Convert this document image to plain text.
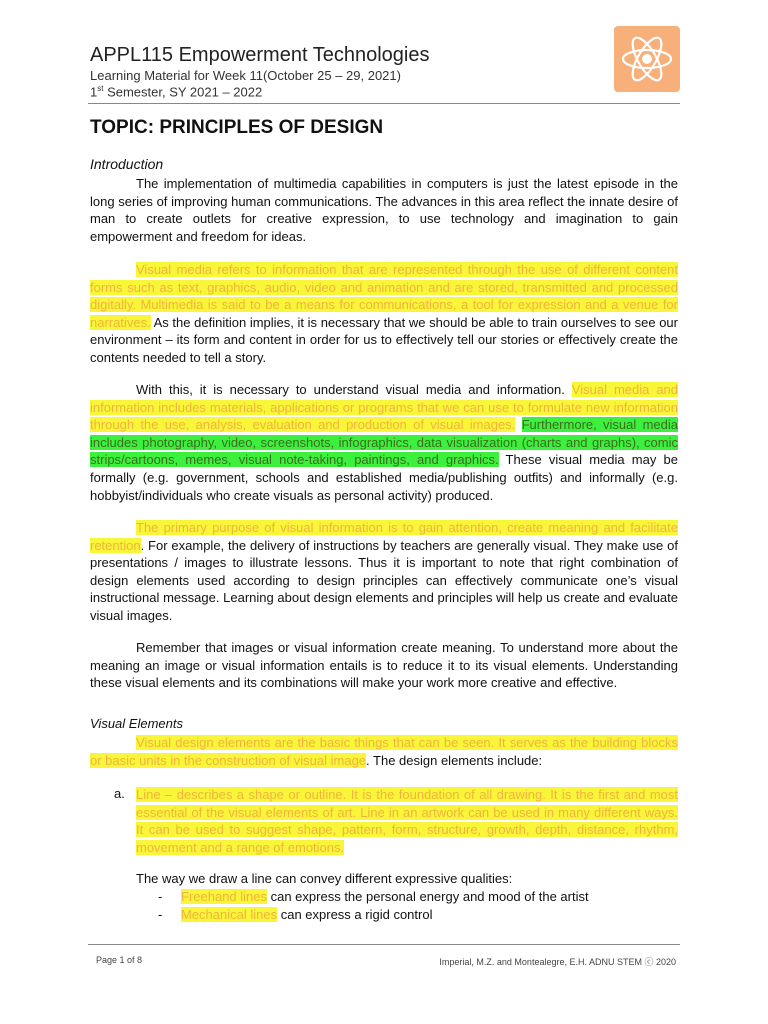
APPL115 Empowerment Technologies
Learning Material for Week 11(October 25 – 29, 2021)
1st Semester, SY 2021 – 2022
TOPIC: PRINCIPLES OF DESIGN
Introduction
The implementation of multimedia capabilities in computers is just the latest episode in the long series of improving human communications. The advances in this area reflect the innate desire of man to create outlets for creative expression, to use technology and imagination to gain empowerment and freedom for ideas.
Visual media refers to information that are represented through the use of different content forms such as text, graphics, audio, video and animation and are stored, transmitted and processed digitally. Multimedia is said to be a means for communications, a tool for expression and a venue for narratives. As the definition implies, it is necessary that we should be able to train ourselves to see our environment – its form and content in order for us to effectively tell our stories or effectively create the contents needed to tell a story.
With this, it is necessary to understand visual media and information. Visual media and information includes materials, applications or programs that we can use to formulate new information through the use, analysis, evaluation and production of visual images. Furthermore, visual media includes photography, video, screenshots, infographics, data visualization (charts and graphs), comic strips/cartoons, memes, visual note-taking, paintings, and graphics. These visual media may be formally (e.g. government, schools and established media/publishing outfits) and informally (e.g. hobbyist/individuals who create visuals as personal activity) produced.
The primary purpose of visual information is to gain attention, create meaning and facilitate retention. For example, the delivery of instructions by teachers are generally visual. They make use of presentations / images to illustrate lessons. Thus it is important to note that right combination of design elements used according to design principles can effectively communicate one’s visual instructional message. Learning about design elements and principles will help us create and evaluate visual images.
Remember that images or visual information create meaning. To understand more about the meaning an image or visual information entails is to reduce it to its visual elements. Understanding these visual elements and its combinations will make your work more creative and effective.
Visual Elements
Visual design elements are the basic things that can be seen. It serves as the building blocks or basic units in the construction of visual image. The design elements include:
a. Line – describes a shape or outline. It is the foundation of all drawing. It is the first and most essential of the visual elements of art. Line in an artwork can be used in many different ways. It can be used to suggest shape, pattern, form, structure, growth, depth, distance, rhythm, movement and a range of emotions.
The way we draw a line can convey different expressive qualities:
- Freehand lines can express the personal energy and mood of the artist
- Mechanical lines can express a rigid control
Page 1 of 8	Imperial, M.Z. and Montealegre, E.H. ADNU STEM ⓒ 2020
